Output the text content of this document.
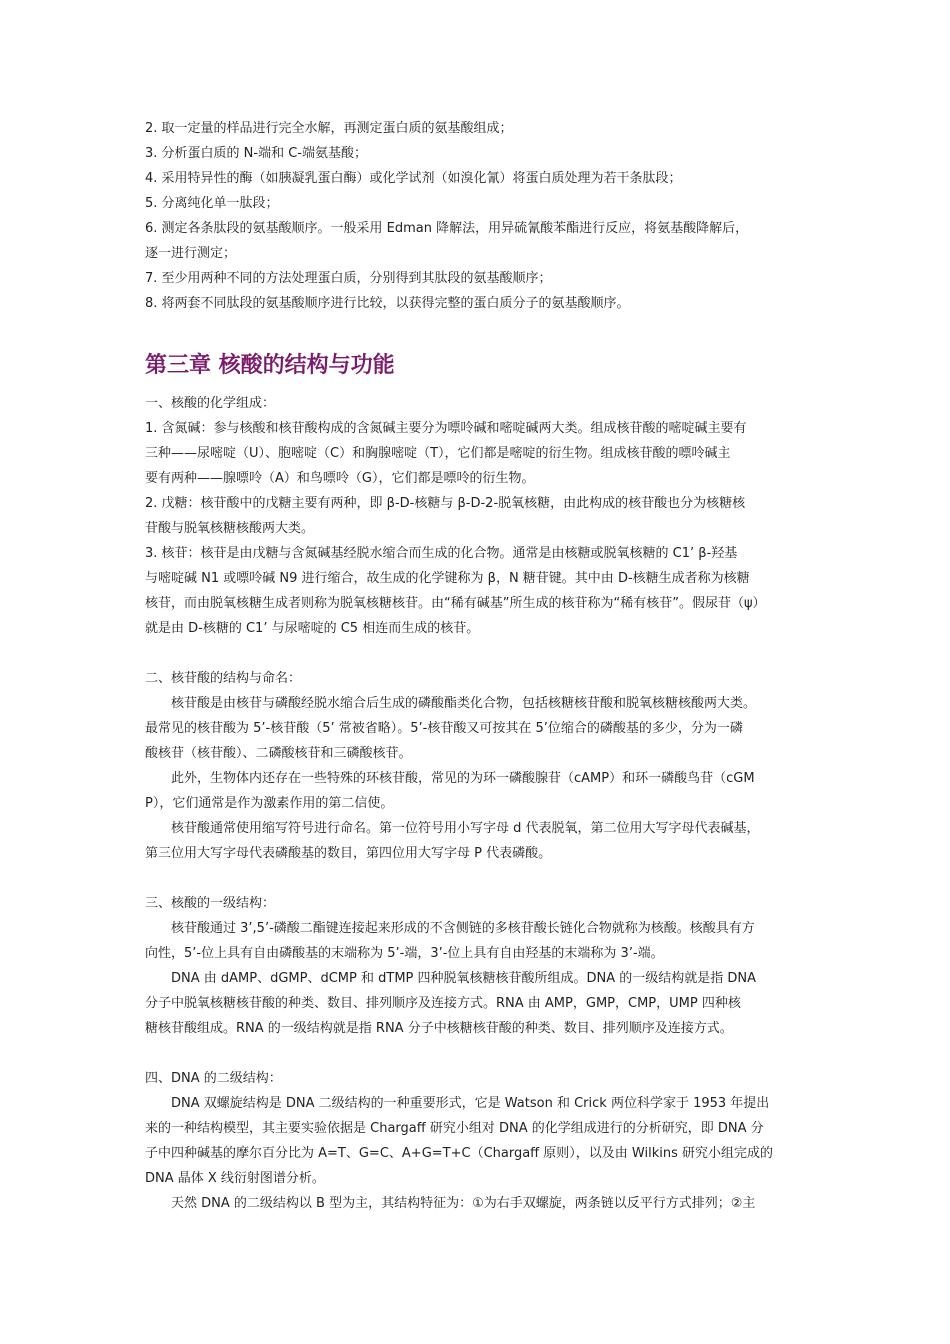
2. 取一定量的样品进行完全水解，再测定蛋白质的氨基酸组成；
3. 分析蛋白质的 N-端和 C-端氨基酸；
4. 采用特异性的酶（如胰凝乳蛋白酶）或化学试剂（如溴化氰）将蛋白质处理为若干条肽段；
5. 分离纯化单一肽段；
6. 测定各条肽段的氨基酸顺序。一般采用 Edman 降解法，用异硫氰酸苯酯进行反应，将氨基酸降解后，
逐一进行测定；
7. 至少用两种不同的方法处理蛋白质，分别得到其肽段的氨基酸顺序；
8. 将两套不同肽段的氨基酸顺序进行比较，以获得完整的蛋白质分子的氨基酸顺序。
第三章 核酸的结构与功能
一、核酸的化学组成：
1. 含氮碱：参与核酸和核苷酸构成的含氮碱主要分为嘌呤碱和嘧啶碱两大类。组成核苷酸的嘧啶碱主要有
三种——尿嘧啶（U）、胞嘧啶（C）和胸腺嘧啶（T），它们都是嘧啶的衍生物。组成核苷酸的嘌呤碱主
要有两种——腺嘌呤（A）和鸟嘌呤（G），它们都是嘌呤的衍生物。
2. 戊糖：核苷酸中的戊糖主要有两种，即 β-D-核糖与 β-D-2-脱氧核糖，由此构成的核苷酸也分为核糖核
苷酸与脱氧核糖核酸两大类。
3. 核苷：核苷是由戊糖与含氮碱基经脱水缩合而生成的化合物。通常是由核糖或脱氧核糖的 C1’ β-羟基
与嘧啶碱 N1 或嘌呤碱 N9 进行缩合，故生成的化学键称为 β，N 糖苷键。其中由 D-核糖生成者称为核糖
核苷，而由脱氧核糖生成者则称为脱氧核糖核苷。由“稀有碱基”所生成的核苷称为“稀有核苷”。假尿苷（ψ）
就是由 D-核糖的 C1’ 与尿嘧啶的 C5 相连而生成的核苷。
二、核苷酸的结构与命名：
核苷酸是由核苷与磷酸经脱水缩合后生成的磷酸酯类化合物，包括核糖核苷酸和脱氧核糖核酸两大类。
最常见的核苷酸为 5’-核苷酸（5’ 常被省略）。5’-核苷酸又可按其在 5’位缩合的磷酸基的多少，分为一磷
酸核苷（核苷酸）、二磷酸核苷和三磷酸核苷。
此外，生物体内还存在一些特殊的环核苷酸，常见的为环一磷酸腺苷（cAMP）和环一磷酸鸟苷（cGM
P），它们通常是作为激素作用的第二信使。
核苷酸通常使用缩写符号进行命名。第一位符号用小写字母 d 代表脱氧，第二位用大写字母代表碱基，
第三位用大写字母代表磷酸基的数目，第四位用大写字母 P 代表磷酸。
三、核酸的一级结构：
核苷酸通过 3’,5’-磷酸二酯键连接起来形成的不含侧链的多核苷酸长链化合物就称为核酸。核酸具有方
向性，5’-位上具有自由磷酸基的末端称为 5’-端，3’-位上具有自由羟基的末端称为 3’-端。
DNA 由 dAMP、dGMP、dCMP 和 dTMP 四种脱氧核糖核苷酸所组成。DNA 的一级结构就是指 DNA
分子中脱氧核糖核苷酸的种类、数目、排列顺序及连接方式。RNA 由 AMP，GMP，CMP，UMP 四种核
糖核苷酸组成。RNA 的一级结构就是指 RNA 分子中核糖核苷酸的种类、数目、排列顺序及连接方式。
四、DNA 的二级结构：
DNA 双螺旋结构是 DNA 二级结构的一种重要形式，它是 Watson 和 Crick 两位科学家于 1953 年提出
来的一种结构模型，其主要实验依据是 Chargaff 研究小组对 DNA 的化学组成进行的分析研究，即 DNA 分
子中四种碱基的摩尔百分比为 A=T、G=C、A+G=T+C（Chargaff 原则），以及由 Wilkins 研究小组完成的
DNA 晶体 X 线衍射图谱分析。
天然 DNA 的二级结构以 B 型为主，其结构特征为：①为右手双螺旋，两条链以反平行方式排列；②主
